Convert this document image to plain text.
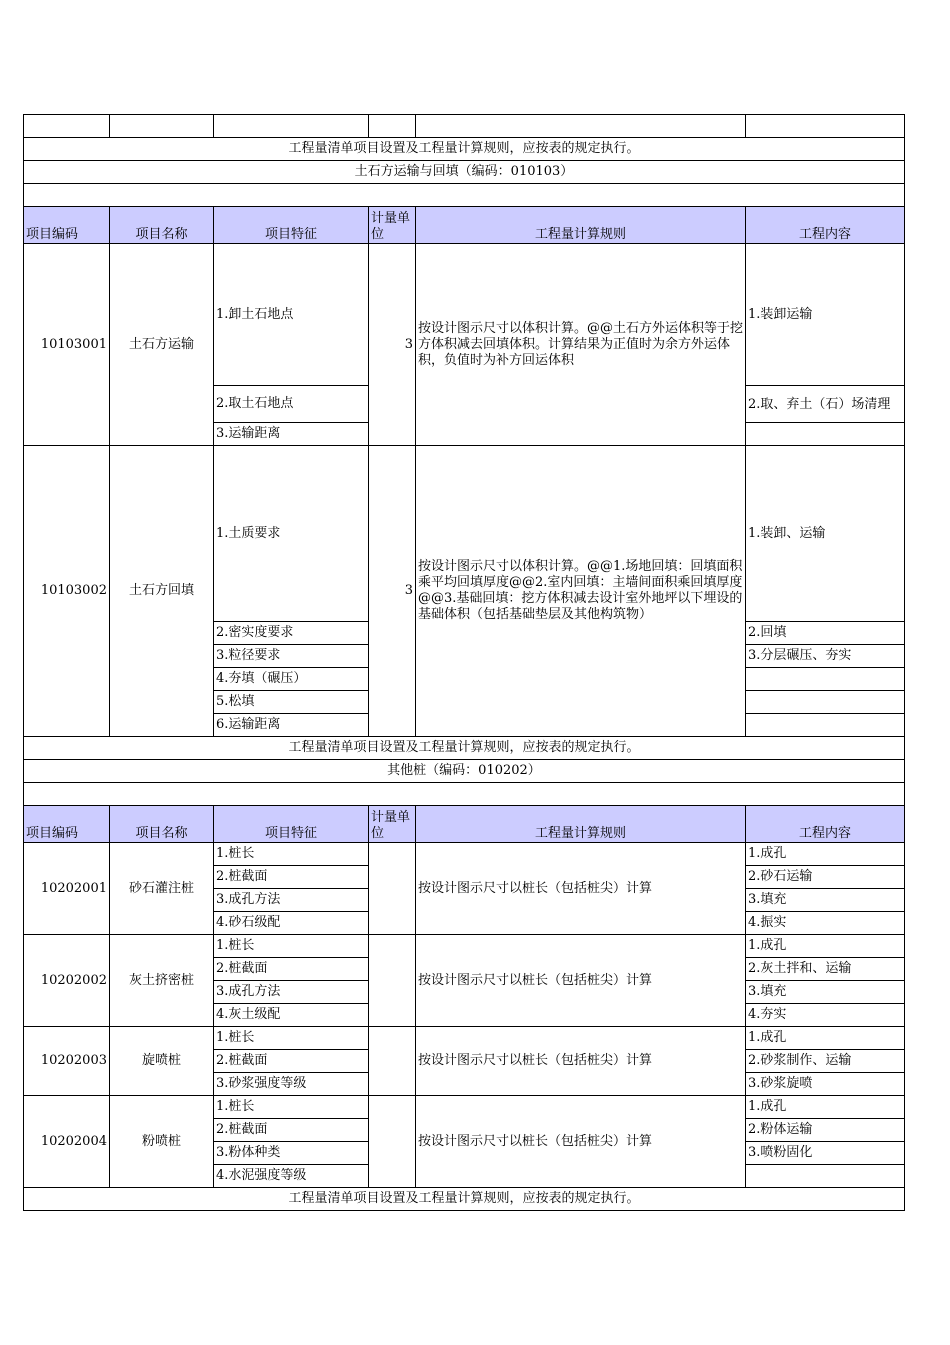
工程量清单项目设置及工程量计算规则，应按表的规定执行。					
土石方运输与回填（编码：010103）					

项目编码	项目名称	项目特征	计量单位	工程量计算规则	工程内容
10103001	土石方运输	1.卸土石地点	3	按设计图示尺寸以体积计算。@@土石方外运体积等于挖方体积减去回填体积。计算结果为正值时为余方外运体积，负值时为补方回运体积	1.装卸运输
		2.取土石地点			2.取、弃土（石）场清理
		3.运输距离			
10103002	土石方回填	1.土质要求	3	按设计图示尺寸以体积计算。@@1.场地回填：回填面积乘平均回填厚度@@2.室内回填：主墙间面积乘回填厚度@@3.基础回填：挖方体积减去设计室外地坪以下埋设的基础体积（包括基础垫层及其他构筑物）	1.装卸、运输
		2.密实度要求			2.回填
		3.粒径要求			3.分层碾压、夯实
		4.夯填（碾压）			
		5.松填			
		6.运输距离			
工程量清单项目设置及工程量计算规则，应按表的规定执行。					
其他桩（编码：010202）					

项目编码	项目名称	项目特征	计量单位	工程量计算规则	工程内容
10202001	砂石灌注桩	1.桩长		按设计图示尺寸以桩长（包括桩尖）计算	1.成孔
		2.桩截面			2.砂石运输
		3.成孔方法			3.填充
		4.砂石级配			4.振实
10202002	灰土挤密桩	1.桩长		按设计图示尺寸以桩长（包括桩尖）计算	1.成孔
		2.桩截面			2.灰土拌和、运输
		3.成孔方法			3.填充
		4.灰土级配			4.夯实
10202003	旋喷桩	1.桩长		按设计图示尺寸以桩长（包括桩尖）计算	1.成孔
		2.桩截面			2.砂浆制作、运输
		3.砂浆强度等级			3.砂浆旋喷
10202004	粉喷桩	1.桩长		按设计图示尺寸以桩长（包括桩尖）计算	1.成孔
		2.桩截面			2.粉体运输
		3.粉体种类			3.喷粉固化
		4.水泥强度等级			
工程量清单项目设置及工程量计算规则，应按表的规定执行。					
